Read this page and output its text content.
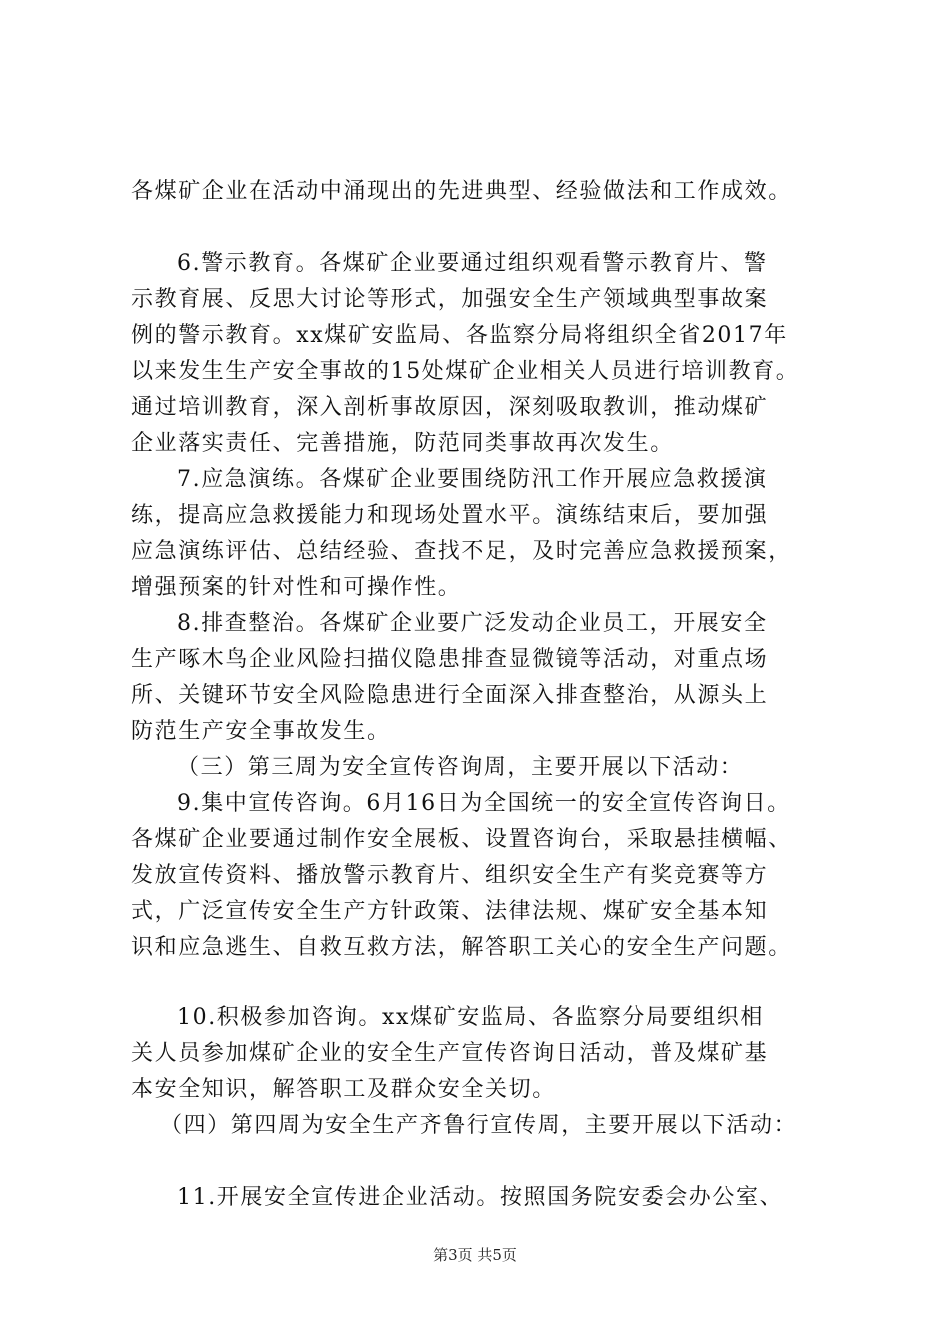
各煤矿企业在活动中涌现出的先进典型、经验做法和工作成效。
6.警示教育。各煤矿企业要通过组织观看警示教育片、警
示教育展、反思大讨论等形式，加强安全生产领域典型事故案
例的警示教育。xx煤矿安监局、各监察分局将组织全省2017年
以来发生生产安全事故的15处煤矿企业相关人员进行培训教育。
通过培训教育，深入剖析事故原因，深刻吸取教训，推动煤矿
企业落实责任、完善措施，防范同类事故再次发生。
7.应急演练。各煤矿企业要围绕防汛工作开展应急救援演
练，提高应急救援能力和现场处置水平。演练结束后，要加强
应急演练评估、总结经验、查找不足，及时完善应急救援预案，
增强预案的针对性和可操作性。
8.排查整治。各煤矿企业要广泛发动企业员工，开展安全
生产啄木鸟企业风险扫描仪隐患排查显微镜等活动，对重点场
所、关键环节安全风险隐患进行全面深入排查整治，从源头上
防范生产安全事故发生。
（三）第三周为安全宣传咨询周，主要开展以下活动：
9.集中宣传咨询。6月16日为全国统一的安全宣传咨询日。
各煤矿企业要通过制作安全展板、设置咨询台，采取悬挂横幅、
发放宣传资料、播放警示教育片、组织安全生产有奖竞赛等方
式，广泛宣传安全生产方针政策、法律法规、煤矿安全基本知
识和应急逃生、自救互救方法，解答职工关心的安全生产问题。
10.积极参加咨询。xx煤矿安监局、各监察分局要组织相
关人员参加煤矿企业的安全生产宣传咨询日活动，普及煤矿基
本安全知识，解答职工及群众安全关切。
（四）第四周为安全生产齐鲁行宣传周，主要开展以下活动：
11.开展安全宣传进企业活动。按照国务院安委会办公室、
第3页 共5页
